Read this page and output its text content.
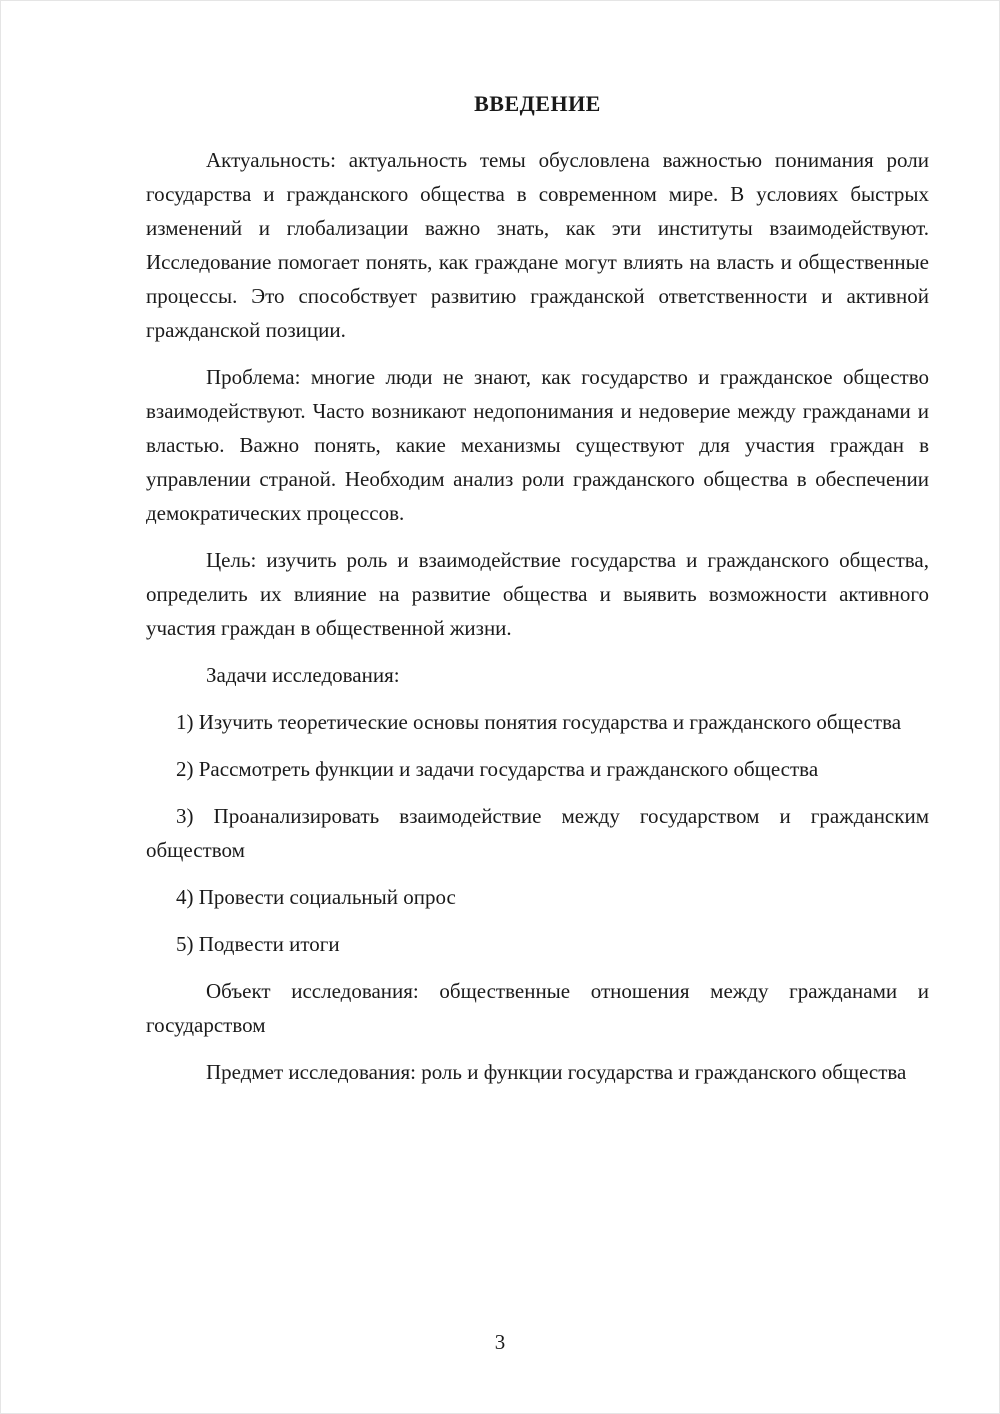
ВВЕДЕНИЕ

Актуальность: актуальность темы обусловлена важностью понимания роли государства и гражданского общества в современном мире. В условиях быстрых изменений и глобализации важно знать, как эти институты взаимодействуют. Исследование помогает понять, как граждане могут влиять на власть и общественные процессы. Это способствует развитию гражданской ответственности и активной гражданской позиции.

Проблема: многие люди не знают, как государство и гражданское общество взаимодействуют. Часто возникают недопонимания и недоверие между гражданами и властью. Важно понять, какие механизмы существуют для участия граждан в управлении страной. Необходим анализ роли гражданского общества в обеспечении демократических процессов.

Цель: изучить роль и взаимодействие государства и гражданского общества, определить их влияние на развитие общества и выявить возможности активного участия граждан в общественной жизни.

Задачи исследования:

1) Изучить теоретические основы понятия государства и гражданского общества

2) Рассмотреть функции и задачи государства и гражданского общества

3) Проанализировать взаимодействие между государством и гражданским обществом

4) Провести социальный опрос

5) Подвести итоги

Объект исследования: общественные отношения между гражданами и государством

Предмет исследования: роль и функции государства и гражданского общества

3
